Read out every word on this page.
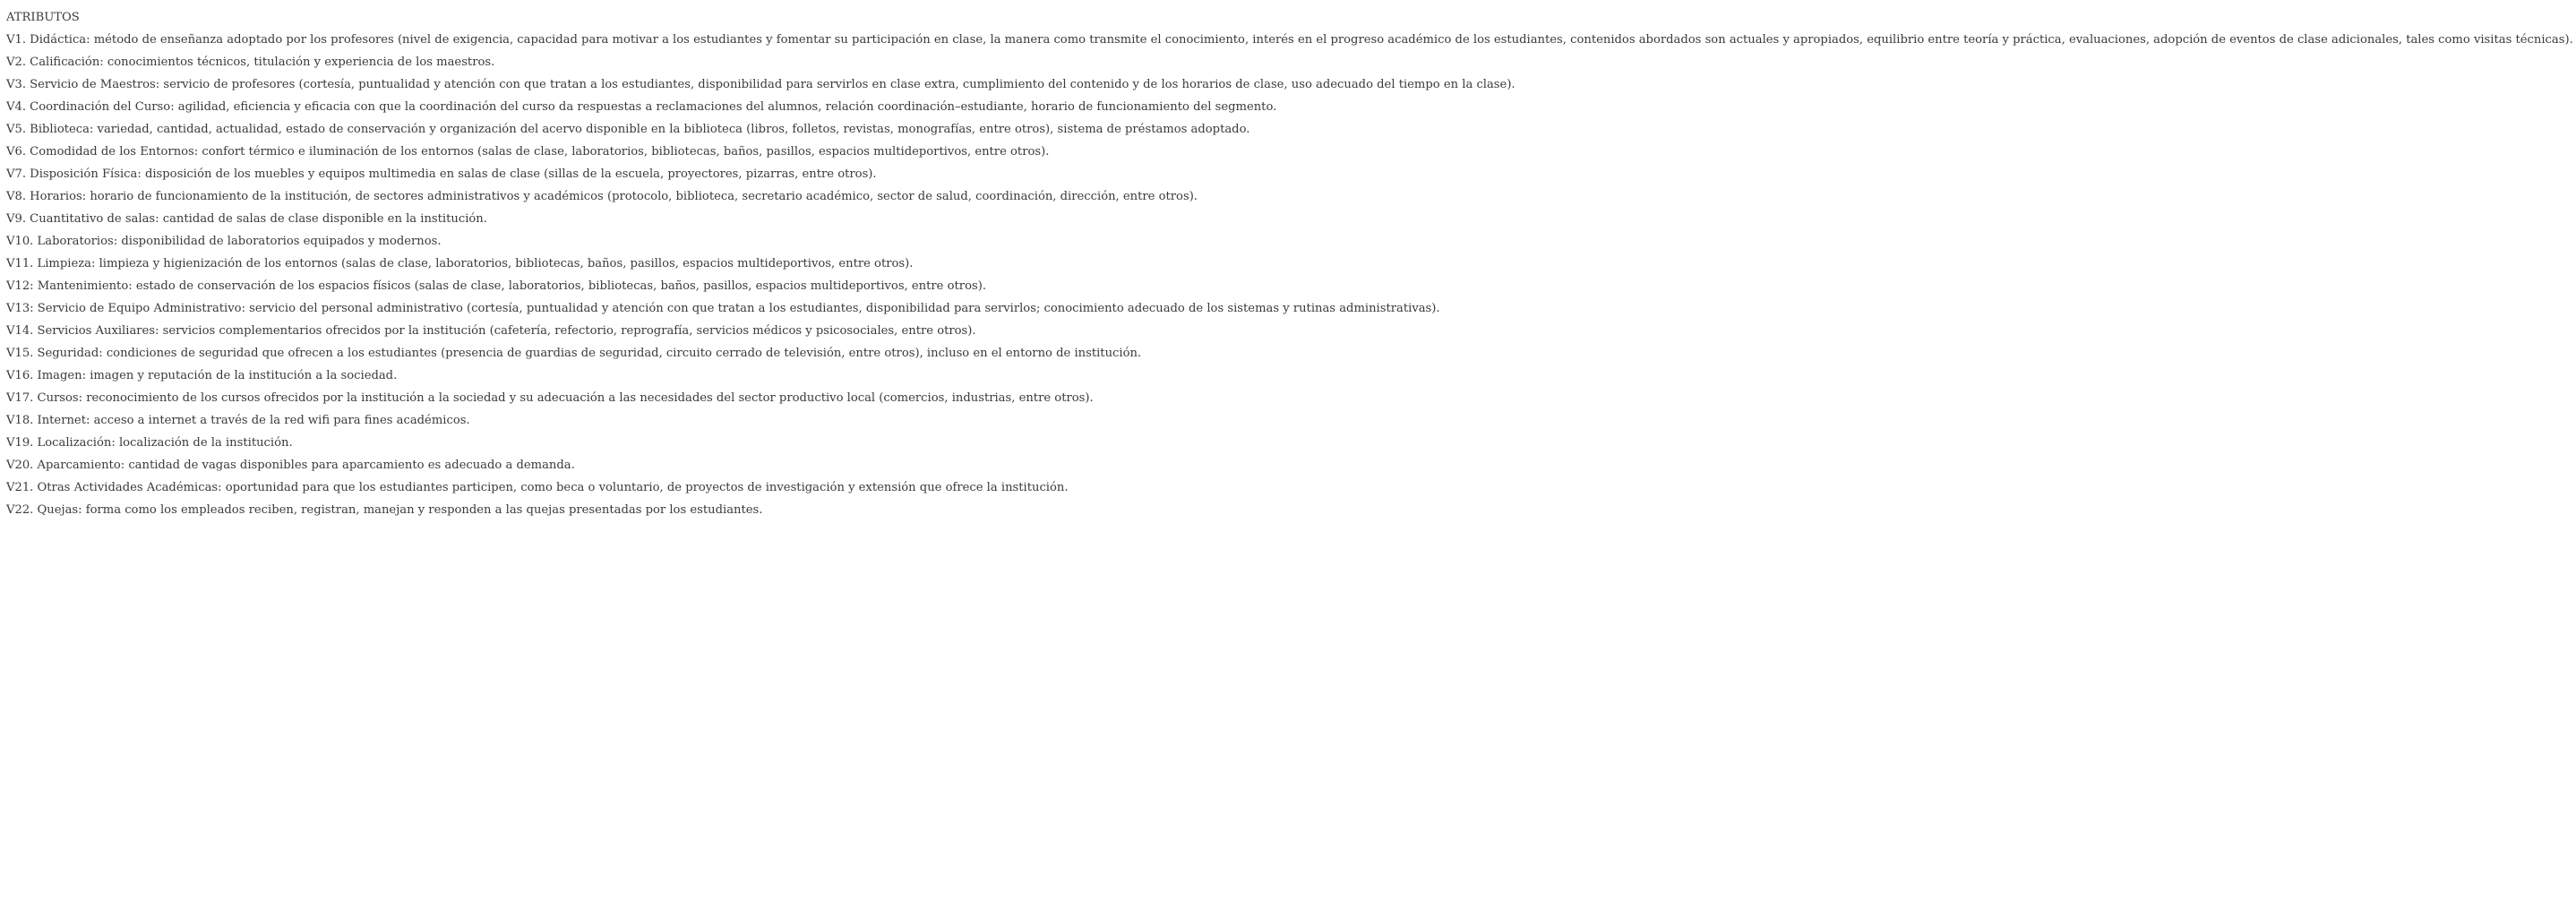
ATRIBUTOS
V1. Didáctica: método de enseñanza adoptado por los profesores (nivel de exigencia, capacidad para motivar a los estudiantes y fomentar su participación en clase, la manera como transmite el conocimiento, interés en el progreso académico de los estudiantes, contenidos abordados son actuales y apropiados, equilibrio entre teoría y práctica, evaluaciones, adopción de eventos de clase adicionales, tales como visitas técnicas).
V2. Calificación: conocimientos técnicos, titulación y experiencia de los maestros.
V3. Servicio de Maestros: servicio de profesores (cortesía, puntualidad y atención con que tratan a los estudiantes, disponibilidad para servirlos en clase extra, cumplimiento del contenido y de los horarios de clase, uso adecuado del tiempo en la clase).
V4. Coordinación del Curso: agilidad, eficiencia y eficacia con que la coordinación del curso da respuestas a reclamaciones del alumnos, relación coordinación–estudiante, horario de funcionamiento del segmento.
V5. Biblioteca: variedad, cantidad, actualidad, estado de conservación y organización del acervo disponible en la biblioteca (libros, folletos, revistas, monografías, entre otros), sistema de préstamos adoptado.
V6. Comodidad de los Entornos: confort térmico e iluminación de los entornos (salas de clase, laboratorios, bibliotecas, baños, pasillos, espacios multideportivos, entre otros).
V7. Disposición Física: disposición de los muebles y equipos multimedia en salas de clase (sillas de la escuela, proyectores, pizarras, entre otros).
V8. Horarios: horario de funcionamiento de la institución, de sectores administrativos y académicos (protocolo, biblioteca, secretario académico, sector de salud, coordinación, dirección, entre otros).
V9. Cuantitativo de salas: cantidad de salas de clase disponible en la institución.
V10. Laboratorios: disponibilidad de laboratorios equipados y modernos.
V11. Limpieza: limpieza y higienización de los entornos (salas de clase, laboratorios, bibliotecas, baños, pasillos, espacios multideportivos, entre otros).
V12: Mantenimiento: estado de conservación de los espacios físicos (salas de clase, laboratorios, bibliotecas, baños, pasillos, espacios multideportivos, entre otros).
V13: Servicio de Equipo Administrativo: servicio del personal administrativo (cortesía, puntualidad y atención con que tratan a los estudiantes, disponibilidad para servirlos; conocimiento adecuado de los sistemas y rutinas administrativas).
V14. Servicios Auxiliares: servicios complementarios ofrecidos por la institución (cafetería, refectorio, reprografía, servicios médicos y psicosociales, entre otros).
V15. Seguridad: condiciones de seguridad que ofrecen a los estudiantes (presencia de guardias de seguridad, circuito cerrado de televisión, entre otros), incluso en el entorno de institución.
V16. Imagen: imagen y reputación de la institución a la sociedad.
V17. Cursos: reconocimiento de los cursos ofrecidos por la institución a la sociedad y su adecuación a las necesidades del sector productivo local (comercios, industrias, entre otros).
V18. Internet: acceso a internet a través de la red wifi para fines académicos.
V19. Localización: localización de la institución.
V20. Aparcamiento: cantidad de vagas disponibles para aparcamiento es adecuado a demanda.
V21. Otras Actividades Académicas: oportunidad para que los estudiantes participen, como beca o voluntario, de proyectos de investigación y extensión que ofrece la institución.
V22. Quejas: forma como los empleados reciben, registran, manejan y responden a las quejas presentadas por los estudiantes.
